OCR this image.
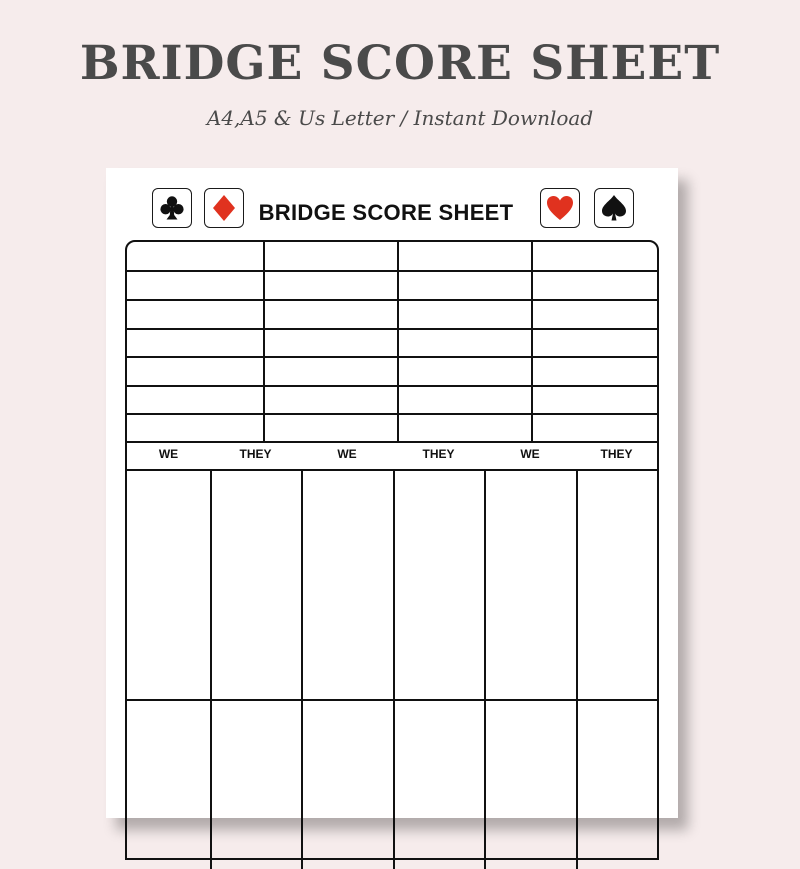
BRIDGE SCORE SHEET
A4,A5 & Us Letter / Instant Download
BRIDGE SCORE SHEET
WE	THEY	WE	THEY	WE	THEY
